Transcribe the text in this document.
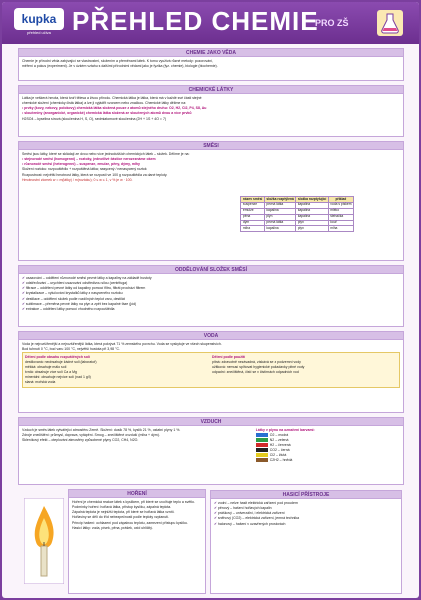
kupka
přehled učiva PŘEHLED CHEMIE
PRO ZŠ
CHEMIE JAKO VĚDA

Chemie je přírodní věda zabývající se vlastnostmi, složením a přeměnami látek. K tomu využívá různé metody: pozorování,

měření a pokus (experiment). Je v úzkém vztahu s dalšími přírodními vědami jako je fyzika (fyz. chemie), biologie (biochemie).

CHEMICKÉ LÁTKY

Látka je veškerá hmota, která tvoří tělesa a živou přírodu. Chemická látka je látka, která má v každé své části stejné

chemické složení (chemicky čistá látka) a lze ji vyjádřit vzorcem nebo značkou. Chemické látky dělíme na:

• prvky (kovy, nekovy, polokovy) chemická látka složená pouze z atomů stejného druhu: O2, H2, Cl2, P4, S8, Au

• sloučeniny (anorganické, organické) chemická látka složená ze sloučených atomů dvou a více prvků

H2SO4 – kyselina sírová (sloučenina H, S, O), sedmiatomové sloučenina (2H + 1S + 4O = 7)

SMĚSI

Směsí jsou látky, které se skládají ze dvou nebo více jednodušších chemických látek – složek. Dělíme je na:

• stejnorodé směsi (homogenní) – roztoky, jednotlivé částice nerozeznáme okem

• různorodé směsi (heterogenní) – suspenze, emulze, pěny, dýmy, mlhy

Složení roztoku: rozpouštědlo + rozpuštěná látka; nasycený / nenasycený roztok

Rozpustnost: největší hmotnost látky, která se rozpustí ve 100 g rozpouštědla za dané teploty.

Hmotnostní zlomek w = m(látky) / m(roztoku); 0 ≤ w ≤ 1, v % je w · 100.

název směsi	složka rozptýlená	složka rozptylující	příklad
suspenze	pevná látka	kapalina	voda s pískem
emulze	kapalina	kapalina	mléko
pěna	plyn	kapalina	šlehačka
dým	pevná látka	plyn	kouř
mlha	kapalina	plyn	mlha
ODDĚLOVÁNÍ SLOŽEK SMĚSÍ

✔ usazování – oddělení různorodé směsi pevné látky a kapaliny na základě hustoty

✔ odstřeďování – urychlení usazování odstředivou silou (centrifuga)

✔ filtrace – oddělení pevné látky od kapaliny pomocí filtru, filtrát prochází filtrem

✔ krystalizace – vylučování krystalků látky z nasyceného roztoku

✔ destilace – oddělení složek podle rozdílných teplot varu, destilát

✔ sublimace – přeměna pevné látky na plyn a zpět bez kapalné fáze (jód)

✔ extrakce – oddělení látky pomocí vhodného rozpouštědla

VODA

Voda je nejrozšířenější a nejrozšířenější látka, která pokrývá 71 % zemského povrchu. Voda se vyskytuje ve všech skupenstvích.

Bod tuhnutí 0 °C, bod varu 100 °C, největší hustota při 3,98 °C.

Dělení podle obsahu rozpuštěných solí

destilovaná: neobsahuje žádné soli (laboratoř)

měkká: obsahuje málo solí

tvrdá: obsahuje více solí Ca a Mg

minerální: obsahuje nejvíce solí (nad 1 g/l)

slaná: mořská voda

Dělení podle použití

pitná: zdravotně nezávadná, získává se z podzemní vody

užitková: nemusí splňovat hygienické požadavky pitné vody

odpadní: znečištěná, čistí se v čistírnách odpadních vod

VZDUCH

Vzduch je směs látek vytvářející atmosféru Země. Složení: dusík 78 %, kyslík 21 %, ostatní plyny 1 %.

Zdroje znečištění: průmysl, doprava, vytápění. Smog – znečištěné ovzduší (mlha + dým).

Skleníkový efekt – oteplování atmosféry způsobené plyny CO2, CH4, N2O.

Látky v plynu na označení barvami:

O2 – modrá
N2 – zelená
H2 – červená
CO2 – černá
Cl2 – žlutá
C2H2 – hnědá
HOŘENÍ

Hoření je chemická reakce látek s kyslíkem, při které se uvolňuje teplo a světlo.

Podmínky hoření: hořlavá látka, přístup kyslíku, zápalná teplota.

Zápalná teplota je nejnižší teplota, při které se hořlavá látka vznítí.

Hořlaviny se dělí do tříd nebezpečnosti podle teploty vzplanutí.

Princip hašení: ochlazení pod zápalnou teplotu, zamezení přístupu kyslíku.

Hasicí látky: voda, písek, pěna, prášek, oxid uhličitý.

HASICÍ PŘÍSTROJE

✔ vodní – nelze hasit elektrická zařízení pod proudem

✔ pěnový – hašení hořlavých kapalin

✔ práškový – univerzální, i elektrická zařízení

✔ sněhový (CO2) – elektrická zařízení, jemná technika

✔ halonový – hašení v uzavřených prostorách
